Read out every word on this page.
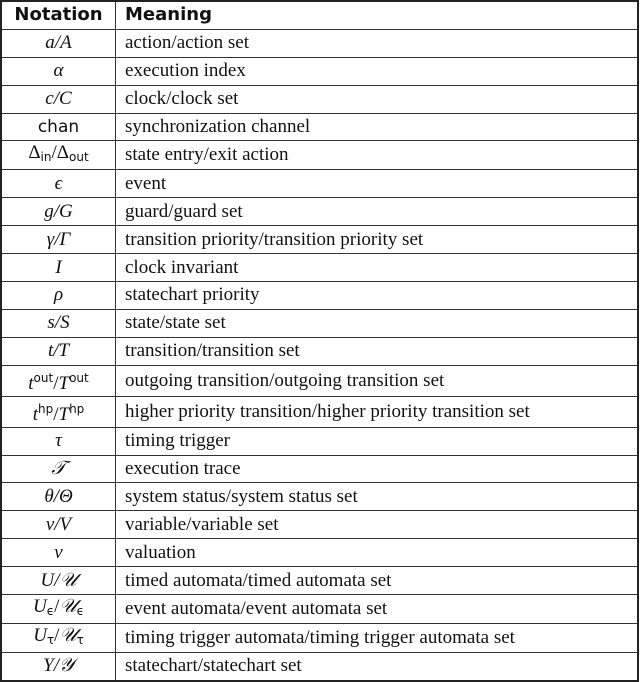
Notation	Meaning
a/A	action/action set
α	execution index
c/C	clock/clock set
chan	synchronization channel
$\Delta_{in}/\Delta_{out}$	state entry/exit action
ϵ	event
g/G	guard/guard set
γ/Γ	transition priority/transition priority set
I	clock invariant
ρ	statechart priority
s/S	state/state set
t/T	transition/transition set
$t^{out}/T^{out}$	outgoing transition/outgoing transition set
$t^{hp}/T^{hp}$	higher priority transition/higher priority transition set
τ	timing trigger
𝒯	execution trace
θ/Θ	system status/system status set
v/V	variable/variable set
ν	valuation
U/𝒰	timed automata/timed automata set
$U_\epsilon/𝒰_\epsilon$	event automata/event automata set
$U_\tau/𝒰_\tau$	timing trigger automata/timing trigger automata set
Y/𝒴	statechart/statechart set
